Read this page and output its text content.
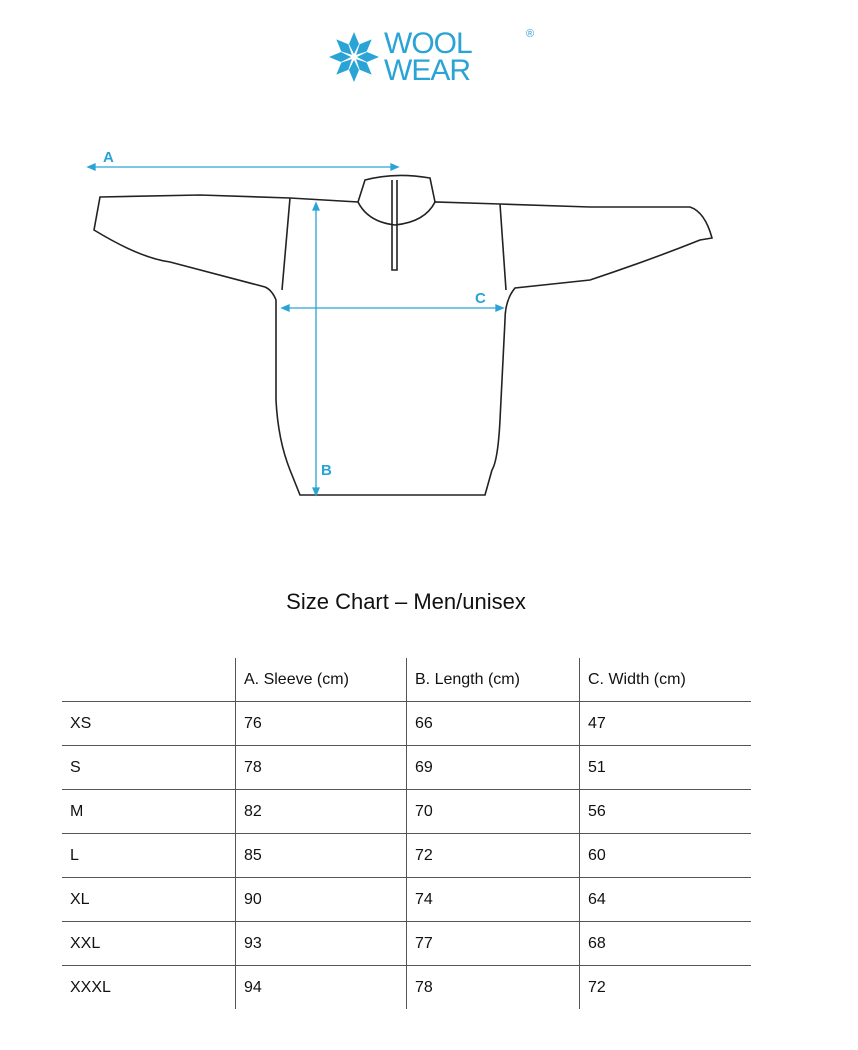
WOOL
WEAR
®
A
B
C
Size Chart – Men/unisex
	A. Sleeve (cm)	B. Length (cm)	C. Width (cm)
XS	76	66	47
S	78	69	51
M	82	70	56
L	85	72	60
XL	90	74	64
XXL	93	77	68
XXXL	94	78	72
